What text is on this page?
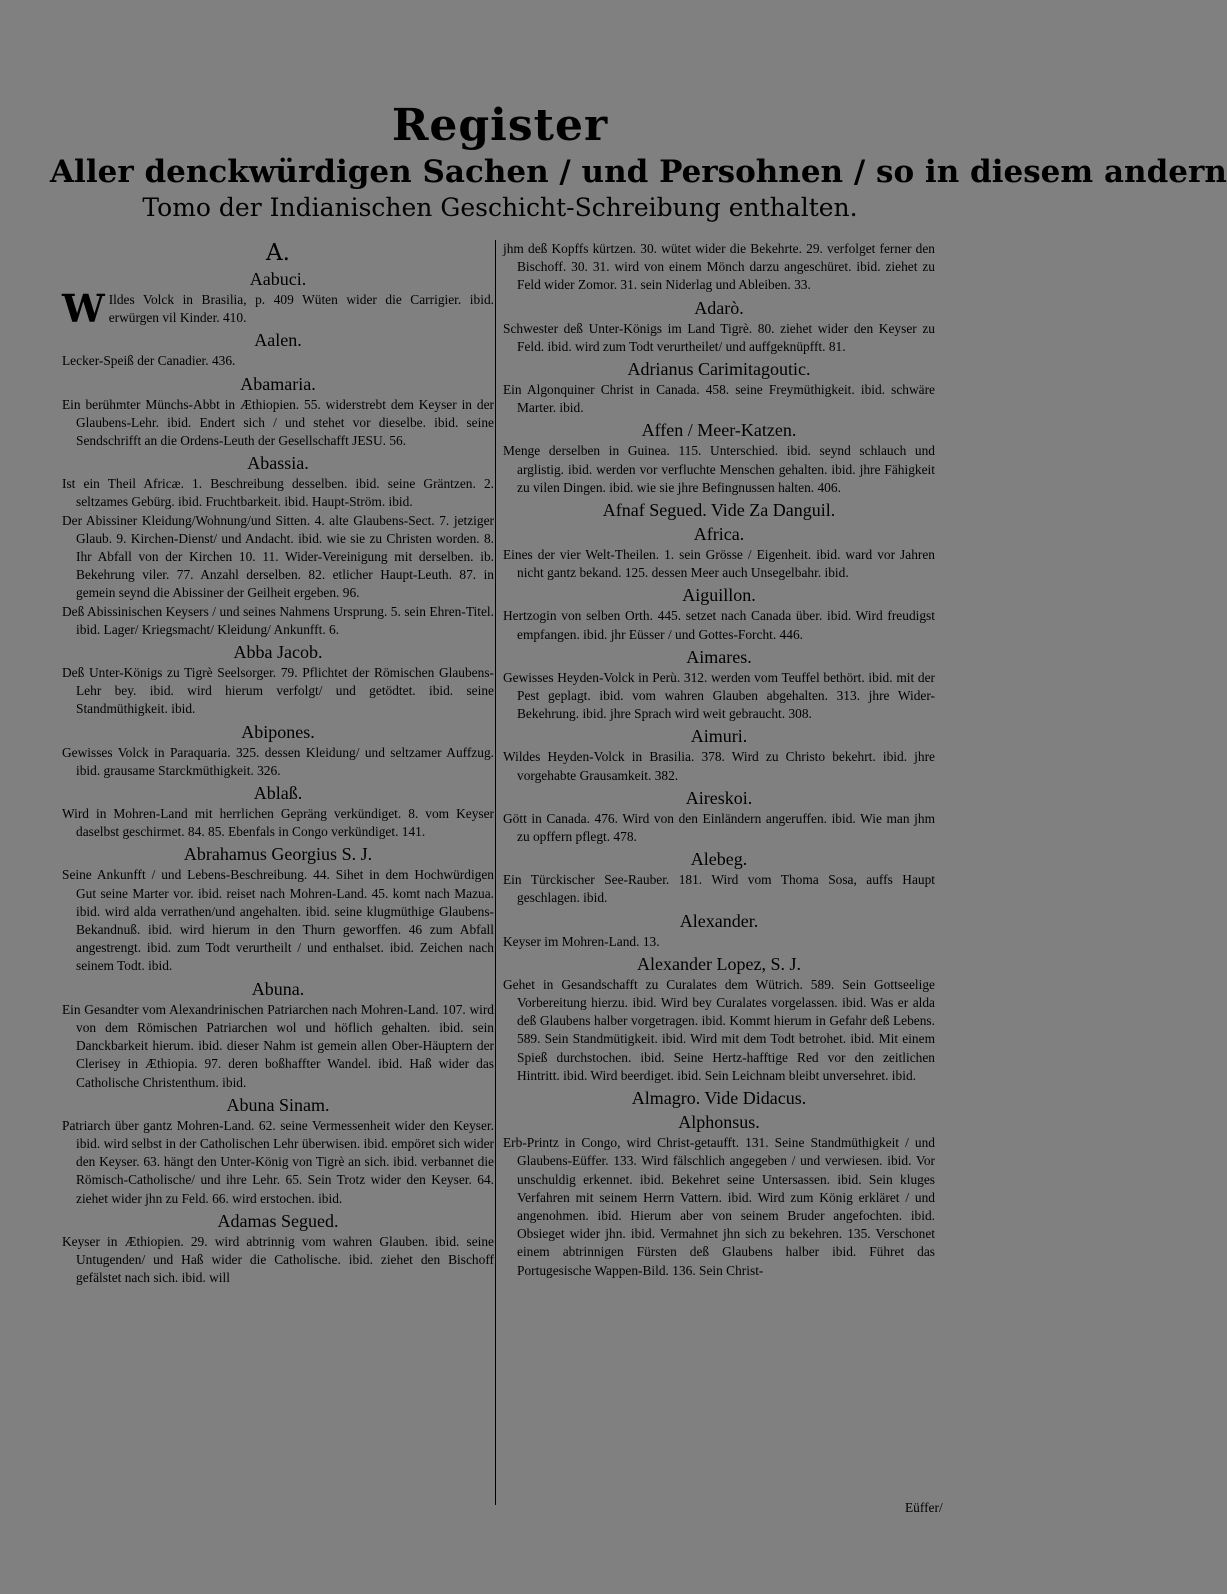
Register
Aller denckwürdigen Sachen / und Persohnen / so in diesem andern
Tomo der Indianischen Geschicht-Schreibung enthalten.
A.
Aabuci.

W Ildes Volck in Brasilia, p. 409 Wüten wider die Carrigier. ibid. erwürgen vil Kinder. 410.

Aalen.

Lecker-Speiß der Canadier. 436.

Abamaria.

Ein berühmter Münchs-Abbt in Æthiopien. 55. widerstrebt dem Keyser in der Glaubens-Lehr. ibid. Endert sich / und stehet vor dieselbe. ibid. seine Sendschrifft an die Ordens-Leuth der Gesellschafft JESU. 56.

Abassia.

Ist ein Theil Africæ. 1. Beschreibung desselben. ibid. seine Gräntzen. 2. seltzames Gebürg. ibid. Fruchtbarkeit. ibid. Haupt-Ström. ibid.

Der Abissiner Kleidung/Wohnung/und Sitten. 4. alte Glaubens-Sect. 7. jetziger Glaub. 9. Kirchen-Dienst/ und Andacht. ibid. wie sie zu Christen worden. 8. Ihr Abfall von der Kirchen 10. 11. Wider-Vereinigung mit derselben. ib. Bekehrung viler. 77. Anzahl derselben. 82. etlicher Haupt-Leuth. 87. in gemein seynd die Abissiner der Geilheit ergeben. 96.

Deß Abissinischen Keysers / und seines Nahmens Ursprung. 5. sein Ehren-Titel. ibid. Lager/ Kriegsmacht/ Kleidung/ Ankunfft. 6.

Abba Jacob.

Deß Unter-Königs zu Tigrè Seelsorger. 79. Pflichtet der Römischen Glaubens-Lehr bey. ibid. wird hierum verfolgt/ und getödtet. ibid. seine Standmüthigkeit. ibid.

Abipones.

Gewisses Volck in Paraquaria. 325. dessen Kleidung/ und seltzamer Auffzug. ibid. grausame Starckmüthigkeit. 326.

Ablaß.

Wird in Mohren-Land mit herrlichen Gepräng verkündiget. 8. vom Keyser daselbst geschirmet. 84. 85. Ebenfals in Congo verkündiget. 141.

Abrahamus Georgius S. J.

Seine Ankunfft / und Lebens-Beschreibung. 44. Sihet in dem Hochwürdigen Gut seine Marter vor. ibid. reiset nach Mohren-Land. 45. komt nach Mazua. ibid. wird alda verrathen/und angehalten. ibid. seine klugmüthige Glaubens-Bekandnuß. ibid. wird hierum in den Thurn geworffen. 46 zum Abfall angestrengt. ibid. zum Todt verurtheilt / und enthalset. ibid. Zeichen nach seinem Todt. ibid.

Abuna.

Ein Gesandter vom Alexandrinischen Patriarchen nach Mohren-Land. 107. wird von dem Römischen Patriarchen wol und höflich gehalten. ibid. sein Danckbarkeit hierum. ibid. dieser Nahm ist gemein allen Ober-Häuptern der Clerisey in Æthiopia. 97. deren boßhaffter Wandel. ibid. Haß wider das Catholische Christenthum. ibid.

Abuna Sinam.

Patriarch über gantz Mohren-Land. 62. seine Vermessenheit wider den Keyser. ibid. wird selbst in der Catholischen Lehr überwisen. ibid. empöret sich wider den Keyser. 63. hängt den Unter-König von Tigrè an sich. ibid. verbannet die Römisch-Catholische/ und ihre Lehr. 65. Sein Trotz wider den Keyser. 64. ziehet wider jhn zu Feld. 66. wird erstochen. ibid.

Adamas Segued.

Keyser in Æthiopien. 29. wird abtrinnig vom wahren Glauben. ibid. seine Untugenden/ und Haß wider die Catholische. ibid. ziehet den Bischoff gefälstet nach sich. ibid. will

jhm deß Kopffs kürtzen. 30. wütet wider die Bekehrte. 29. verfolget ferner den Bischoff. 30. 31. wird von einem Mönch darzu angeschüret. ibid. ziehet zu Feld wider Zomor. 31. sein Niderlag und Ableiben. 33.

Adarò.

Schwester deß Unter-Königs im Land Tigrè. 80. ziehet wider den Keyser zu Feld. ibid. wird zum Todt verurtheilet/ und auffgeknüpfft. 81.

Adrianus Carimitagoutic.

Ein Algonquiner Christ in Canada. 458. seine Freymüthigkeit. ibid. schwäre Marter. ibid.

Affen / Meer-Katzen.

Menge derselben in Guinea. 115. Unterschied. ibid. seynd schlauch und arglistig. ibid. werden vor verfluchte Menschen gehalten. ibid. jhre Fähigkeit zu vilen Dingen. ibid. wie sie jhre Befingnussen halten. 406.

Afnaf Segued. Vide Za Danguil.
Africa.

Eines der vier Welt-Theilen. 1. sein Grösse / Eigenheit. ibid. ward vor Jahren nicht gantz bekand. 125. dessen Meer auch Unsegelbahr. ibid.

Aiguillon.

Hertzogin von selben Orth. 445. setzet nach Canada über. ibid. Wird freudigst empfangen. ibid. jhr Eüsser / und Gottes-Forcht. 446.

Aimares.

Gewisses Heyden-Volck in Perù. 312. werden vom Teuffel bethört. ibid. mit der Pest geplagt. ibid. vom wahren Glauben abgehalten. 313. jhre Wider-Bekehrung. ibid. jhre Sprach wird weit gebraucht. 308.

Aimuri.

Wildes Heyden-Volck in Brasilia. 378. Wird zu Christo bekehrt. ibid. jhre vorgehabte Grausamkeit. 382.

Aireskoi.

Gött in Canada. 476. Wird von den Einländern angeruffen. ibid. Wie man jhm zu opffern pflegt. 478.

Alebeg.

Ein Türckischer See-Rauber. 181. Wird vom Thoma Sosa, auffs Haupt geschlagen. ibid.

Alexander.

Keyser im Mohren-Land. 13.

Alexander Lopez, S. J.

Gehet in Gesandschafft zu Curalates dem Wütrich. 589. Sein Gottseelige Vorbereitung hierzu. ibid. Wird bey Curalates vorgelassen. ibid. Was er alda deß Glaubens halber vorgetragen. ibid. Kommt hierum in Gefahr deß Lebens. 589. Sein Standmütigkeit. ibid. Wird mit dem Todt betrohet. ibid. Mit einem Spieß durchstochen. ibid. Seine Hertz-hafftige Red vor den zeitlichen Hintritt. ibid. Wird beerdiget. ibid. Sein Leichnam bleibt unversehret. ibid.

Almagro. Vide Didacus.
Alphonsus.

Erb-Printz in Congo, wird Christ-getaufft. 131. Seine Standmüthigkeit / und Glaubens-Eüffer. 133. Wird fälschlich angegeben / und verwiesen. ibid. Vor unschuldig erkennet. ibid. Bekehret seine Untersassen. ibid. Sein kluges Verfahren mit seinem Herrn Vattern. ibid. Wird zum König erkläret / und angenohmen. ibid. Hierum aber von seinem Bruder angefochten. ibid. Obsieget wider jhn. ibid. Vermahnet jhn sich zu bekehren. 135. Verschonet einem abtrinnigen Fürsten deß Glaubens halber ibid. Führet das Portugesische Wappen-Bild. 136. Sein Christ-

Eüffer/
